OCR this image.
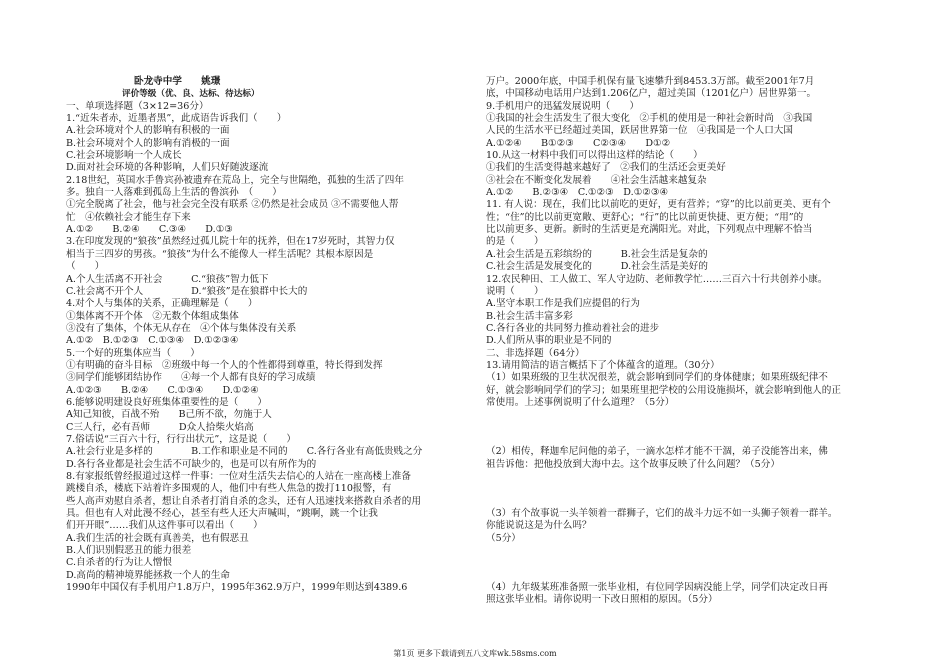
卧龙寺中学　　姚璟
评价等级（优、良、达标、待达标）
一、单项选择题（3×12=36分）
1.“近朱者赤，近墨者黑”，此成语告诉我们（　　）
A.社会环境对个人的影响有积极的一面
B.社会环境对个人的影响有消极的一面
C.社会环境影响一个人成长
D.面对社会环境的各种影响，人们只好随波逐流
2.18世纪，英国水手鲁宾孙被遗弃在荒岛上，完全与世隔绝，孤独的生活了四年
多。独自一人落难到孤岛上生活的鲁滨孙　（　　）
①完全脱离了社会，他与社会完全没有联系 ②仍然是社会成员 ③不需要他人帮
忙　④依赖社会才能生存下来
A.①②　　B.②④　　C.③④　　D.①③
3.在印度发现的“狼孩”虽然经过孤儿院十年的抚养，但在17岁死时，其智力仅
相当于三四岁的男孩。“狼孩”为什么不能像人一样生活呢？其根本原因是
（　　）
A.个人生活离不开社会　　　C.“狼孩”智力低下
C.社会离不开个人　　　　　D.“狼孩”是在狼群中长大的
4.对个人与集体的关系，正确理解是（　　）
①集体离不开个体　②无数个体组成集体
③没有了集体，个体无从存在　④个体与集体没有关系
A.①②　B.①②③　C.①③④　D.①②③④
5.一个好的班集体应当（　　）
①有明确的奋斗目标　②班级中每一个人的个性都得到尊重，特长得到发挥
③同学们能够团结协作　　④每一个人都有良好的学习成绩
A.①②③　　B.②④　　C.①③④　　D.①②④
6.能够说明建设良好班集体重要性的是（　　）
A知己知彼，百战不殆　　B己所不欲，勿施于人
C三人行，必有吾师　　　D众人拾柴火焰高
7.俗话说“三百六十行，行行出状元”，这是说（　　）
A.社会行业是多样的　　　　B.工作和职业是不同的　　C.各行各业有高低贵贱之分
D.各行各业都是社会生活不可缺少的，也是可以有所作为的
8.有家报纸曾经报道过这样一件事：一位对生活失去信心的人站在一座高楼上准备
跳楼自杀，楼底下站着许多围观的人，他们中有些人焦急的拨打110报警，有
些人高声劝慰自杀者，想让自杀者打消自杀的念头，还有人迅速找来搭救自杀者的用
具。但也有人对此漫不经心，甚至有些人还大声喊叫，“跳啊，跳一个让我
们开开眼”……我们从这件事可以看出（　　）
A.我们生活的社会既有真善美，也有假恶丑
B.人们识别假恶丑的能力很差
C.自杀者的行为让人憎恨
D.高尚的精神境界能拯救一个人的生命
1990年中国仅有手机用户1.8万户，1995年362.9万户，1999年则达到4389.6
万户。2000年底，中国手机保有量飞速攀升到8453.3万部。截至2001年7月
底，中国移动电话用户达到1.206亿户，超过美国（1201亿户）居世界第一。
9.手机用户的迅猛发展说明（　　）
①我国的社会生活发生了很大变化　②手机的使用是一种社会新时尚　③我国
人民的生活水平已经超过美国，跃居世界第一位　④我国是一个人口大国
A.①②④　　B①②③　　C②③④　　D①②
10.从这一材料中我们可以得出这样的结论（　　）
①我们的生活变得越来越好了　②我们的生活还会更美好
③社会在不断变化发展着　　④社会生活越来越复杂
A.①②　　B.②③④　C.①②③　D.①②③④
11. 有人说：现在，我们比以前吃的更好，更有营养；“穿”的比以前更美、更有个
性；“住”的比以前更宽敞、更舒心；“行”的比以前更快捷、更方便；“用”的
比以前更多、更新。新时的生活更是充满阳光。对此，下列观点中理解不恰当
的是（　　）
A.社会生活是五彩缤纷的　　　B.社会生活是复杂的
C.社会生活是发展变化的　　　D.社会生活是美好的
12.农民种田、工人做工、军人守边防、老师教学忙……三百六十行共创养小康。
说明（　　）
A.坚守本职工作是我们应提倡的行为
B.社会生活丰富多彩
C.各行各业的共同努力推动着社会的进步
D.人们所从事的职业是不同的
二、非选择题（64分）
13.请用简洁的语言概括下了个体蕴含的道理。（30分）
（1）如果班级的卫生状况很差，就会影响到同学们的身体健康；如果班级纪律不
好，就会影响同学们的学习；如果班里把学校的公用设施损坏，就会影响到他人的正
常使用。上述事例说明了什么道理？（5分）
（2）相传，释迦牟尼问他的弟子，一滴水怎样才能不干涸，弟子没能答出来，佛
祖告诉他：把他投放到大海中去。这个故事反映了什么问题？（5分）
（3）有个故事说一头羊领着一群狮子，它们的战斗力远不如一头狮子领着一群羊。
你能说说这是为什么吗？
（5分）
（4）九年级某班准备照一张毕业相，有位同学因病没能上学，同学们决定改日再
照这张毕业相。请你说明一下改日照相的原因。（5分）
第1页 更多下载请到五八文库wk.58sms.com
